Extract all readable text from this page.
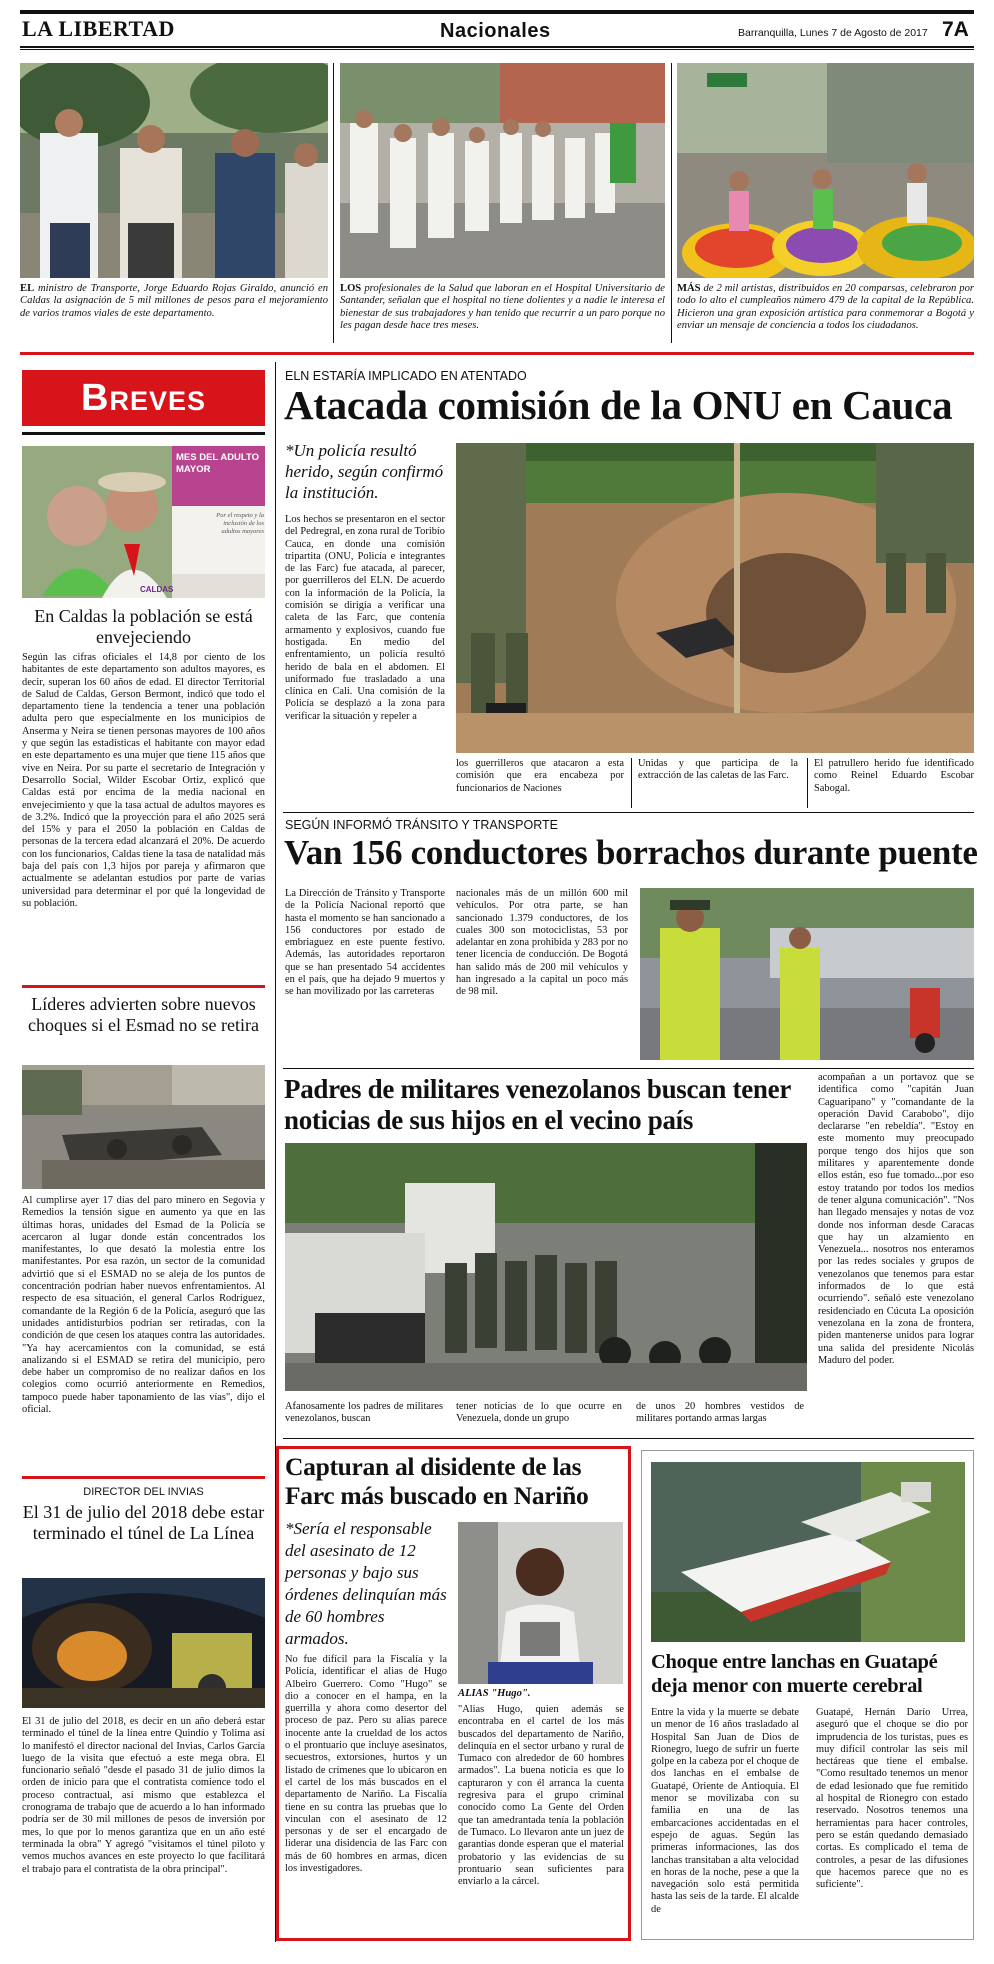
LA LIBERTAD	Nacionales	Barranquilla, Lunes 7 de Agosto de 2017 7A
EL ministro de Transporte, Jorge Eduardo Rojas Giraldo, anunció en Caldas la asignación de 5 mil millones de pesos para el mejoramiento de varios tramos viales de este departamento.
LOS profesionales de la Salud que laboran en el Hospital Universitario de Santander, señalan que el hospital no tiene dolientes y a nadie le interesa el bienestar de sus trabajadores y han tenido que recurrir a un paro porque no les pagan desde hace tres meses.
MÁS de 2 mil artistas, distribuidos en 20 comparsas, celebraron por todo lo alto el cumpleaños número 479 de la capital de la República. Hicieron una gran exposición artística para conmemorar a Bogotá y enviar un mensaje de conciencia a todos los ciudadanos.
Breves
MES DEL ADULTO MAYOR
Por el respeto y la inclusión de los adultos mayores
CALDAS
En Caldas la población se está envejeciendo
Según las cifras oficiales el 14,8 por ciento de los habitantes de este departamento son adultos mayores, es decir, superan los 60 años de edad. El director Territorial de Salud de Caldas, Gerson Bermont, indicó que todo el departamento tiene la tendencia a tener una población adulta pero que especialmente en los municipios de Anserma y Neira se tienen personas mayores de 100 años y que según las estadísticas el habitante con mayor edad en este departamento es una mujer que tiene 115 años que vive en Neira. Por su parte el secretario de Integración y Desarrollo Social, Wilder Escobar Ortiz, explicó que Caldas está por encima de la media nacional en envejecimiento y que la tasa actual de adultos mayores es de 3.2%. Indicó que la proyección para el año 2025 será del 15% y para el 2050 la población en Caldas de personas de la tercera edad alcanzará el 20%. De acuerdo con los funcionarios, Caldas tiene la tasa de natalidad más baja del país con 1,3 hijos por pareja y afirmaron que actualmente se adelantan estudios por parte de varias universidad para determinar el por qué la longevidad de su población.
Líderes advierten sobre nuevos choques si el Esmad no se retira
Al cumplirse ayer 17 días del paro minero en Segovia y Remedios la tensión sigue en aumento ya que en las últimas horas, unidades del Esmad de la Policía se acercaron al lugar donde están concentrados los manifestantes, lo que desató la molestia entre los manifestantes. Por esa razón, un sector de la comunidad advirtió que si el ESMAD no se aleja de los puntos de concentración podrían haber nuevos enfrentamientos. Al respecto de esa situación, el general Carlos Rodríguez, comandante de la Región 6 de la Policía, aseguró que las unidades antidisturbios podrían ser retiradas, con la condición de que cesen los ataques contra las autoridades. "Ya hay acercamientos con la comunidad, se está analizando si el ESMAD se retira del municipio, pero debe haber un compromiso de no realizar daños en los colegios como ocurrió anteriormente en Remedios, tampoco puede haber taponamiento de las vías", dijo el oficial.
DIRECTOR DEL INVIAS
El 31 de julio del 2018 debe estar terminado el túnel de La Línea
El 31 de julio del 2018, es decir en un año deberá estar terminado el túnel de la línea entre Quindío y Tolima así lo manifestó el director nacional del Invias, Carlos García luego de la visita que efectuó a este mega obra. El funcionario señaló "desde el pasado 31 de julio dimos la orden de inicio para que el contratista comience todo el proceso contractual, así mismo que establezca el cronograma de trabajo que de acuerdo a lo han informado podría ser de 30 mil millones de pesos de inversión por mes, lo que por lo menos garantiza que en un año esté terminada la obra" Y agregó "visitamos el túnel piloto y vemos muchos avances en este proyecto lo que facilitará el trabajo para el contratista de la obra principal".
ELN ESTARÍA IMPLICADO EN ATENTADO
Atacada comisión de la ONU en Cauca
*Un policía resultó herido, según confirmó la institución.
Los hechos se presentaron en el sector del Pedregral, en zona rural de Toribío Cauca, en donde una comisión tripartita (ONU, Policía e integrantes de las Farc) fue atacada, al parecer, por guerrilleros del ELN. De acuerdo con la información de la Policía, la comisión se dirigía a verificar una caleta de las Farc, que contenía armamento y explosivos, cuando fue hostigada. En medio del enfrentamiento, un policía resultó herido de bala en el abdomen. El uniformado fue trasladado a una clínica en Cali. Una comisión de la Policía se desplazó a la zona para verificar la situación y repeler a
los guerrilleros que atacaron a esta comisión que era encabeza por funcionarios de Naciones
Unidas y que participa de la extracción de las caletas de las Farc.
El patrullero herido fue identificado como Reinel Eduardo Escobar Sabogal.
SEGÚN INFORMÓ TRÁNSITO Y TRANSPORTE
Van 156 conductores borrachos durante puente
La Dirección de Tránsito y Transporte de la Policía Nacional reportó que hasta el momento se han sancionado a 156 conductores por estado de embriaguez en este puente festivo. Además, las autoridades reportaron que se han presentado 54 accidentes en el país, que ha dejado 9 muertos y se han movilizado por las carreteras
nacionales más de un millón 600 mil vehículos. Por otra parte, se han sancionado 1.379 conductores, de los cuales 300 son motociclistas, 53 por adelantar en zona prohibida y 283 por no tener licencia de conducción. De Bogotá han salido más de 200 mil vehículos y han ingresado a la capital un poco más de 98 mil.
Padres de militares venezolanos buscan tener noticias de sus hijos en el vecino país
acompañan a un portavoz que se identifica como "capitán Juan Caguaripano" y "comandante de la operación David Carabobo", dijo declararse "en rebeldía". "Estoy en este momento muy preocupado porque tengo dos hijos que son militares y aparentemente donde ellos están, eso fue tomado...por eso estoy tratando por todos los medios de tener alguna comunicación". "Nos han llegado mensajes y notas de voz donde nos informan desde Caracas que hay un alzamiento en Venezuela... nosotros nos enteramos por las redes sociales y grupos de venezolanos que tenemos para estar informados de lo que está ocurriendo". señaló este venezolano residenciado en Cúcuta La oposición venezolana en la zona de frontera, piden mantenerse unidos para lograr una salida del presidente Nicolás Maduro del poder.
Afanosamente los padres de militares venezolanos, buscan
tener noticias de lo que ocurre en Venezuela, donde un grupo
de unos 20 hombres vestidos de militares portando armas largas
Capturan al disidente de las Farc más buscado en Nariño
*Sería el responsable del asesinato de 12 personas y bajo sus órdenes delinquían más de 60 hombres armados.
ALIAS "Hugo".
No fue difícil para la Fiscalía y la Policía, identificar el alias de Hugo Albeiro Guerrero. Como "Hugo" se dio a conocer en el hampa, en la guerrilla y ahora como desertor del proceso de paz. Pero su alias parece inocente ante la crueldad de los actos o el prontuario que incluye asesinatos, secuestros, extorsiones, hurtos y un listado de crímenes que lo ubicaron en el cartel de los más buscados en el departamento de Nariño. La Fiscalía tiene en su contra las pruebas que lo vinculan con el asesinato de 12 personas y de ser el encargado de liderar una disidencia de las Farc con más de 60 hombres en armas, dicen los investigadores.
"Alias Hugo, quien además se encontraba en el cartel de los más buscados del departamento de Nariño, delinquía en el sector urbano y rural de Tumaco con alrededor de 60 hombres armados". La buena noticia es que lo capturaron y con él arranca la cuenta regresiva para el grupo criminal conocido como La Gente del Orden que tan amedrantada tenía la población de Tumaco. Lo llevaron ante un juez de garantías donde esperan que el material probatorio y las evidencias de su prontuario sean suficientes para enviarlo a la cárcel.
Choque entre lanchas en Guatapé deja menor con muerte cerebral
Entre la vida y la muerte se debate un menor de 16 años trasladado al Hospital San Juan de Dios de Rionegro, luego de sufrir un fuerte golpe en la cabeza por el choque de dos lanchas en el embalse de Guatapé, Oriente de Antioquia. El menor se movilizaba con su familia en una de las embarcaciones accidentadas en el espejo de aguas. Según las primeras informaciones, las dos lanchas transitaban a alta velocidad en horas de la noche, pese a que la navegación solo está permitida hasta las seis de la tarde. El alcalde de
Guatapé, Hernán Darío Urrea, aseguró que el choque se dio por imprudencia de los turistas, pues es muy difícil controlar las seis mil hectáreas que tiene el embalse. "Como resultado tenemos un menor de edad lesionado que fue remitido al hospital de Rionegro con estado reservado. Nosotros tenemos una herramientas para hacer controles, pero se están quedando demasiado cortas. Es complicado el tema de controles, a pesar de las difusiones que hacemos parece que no es suficiente".
